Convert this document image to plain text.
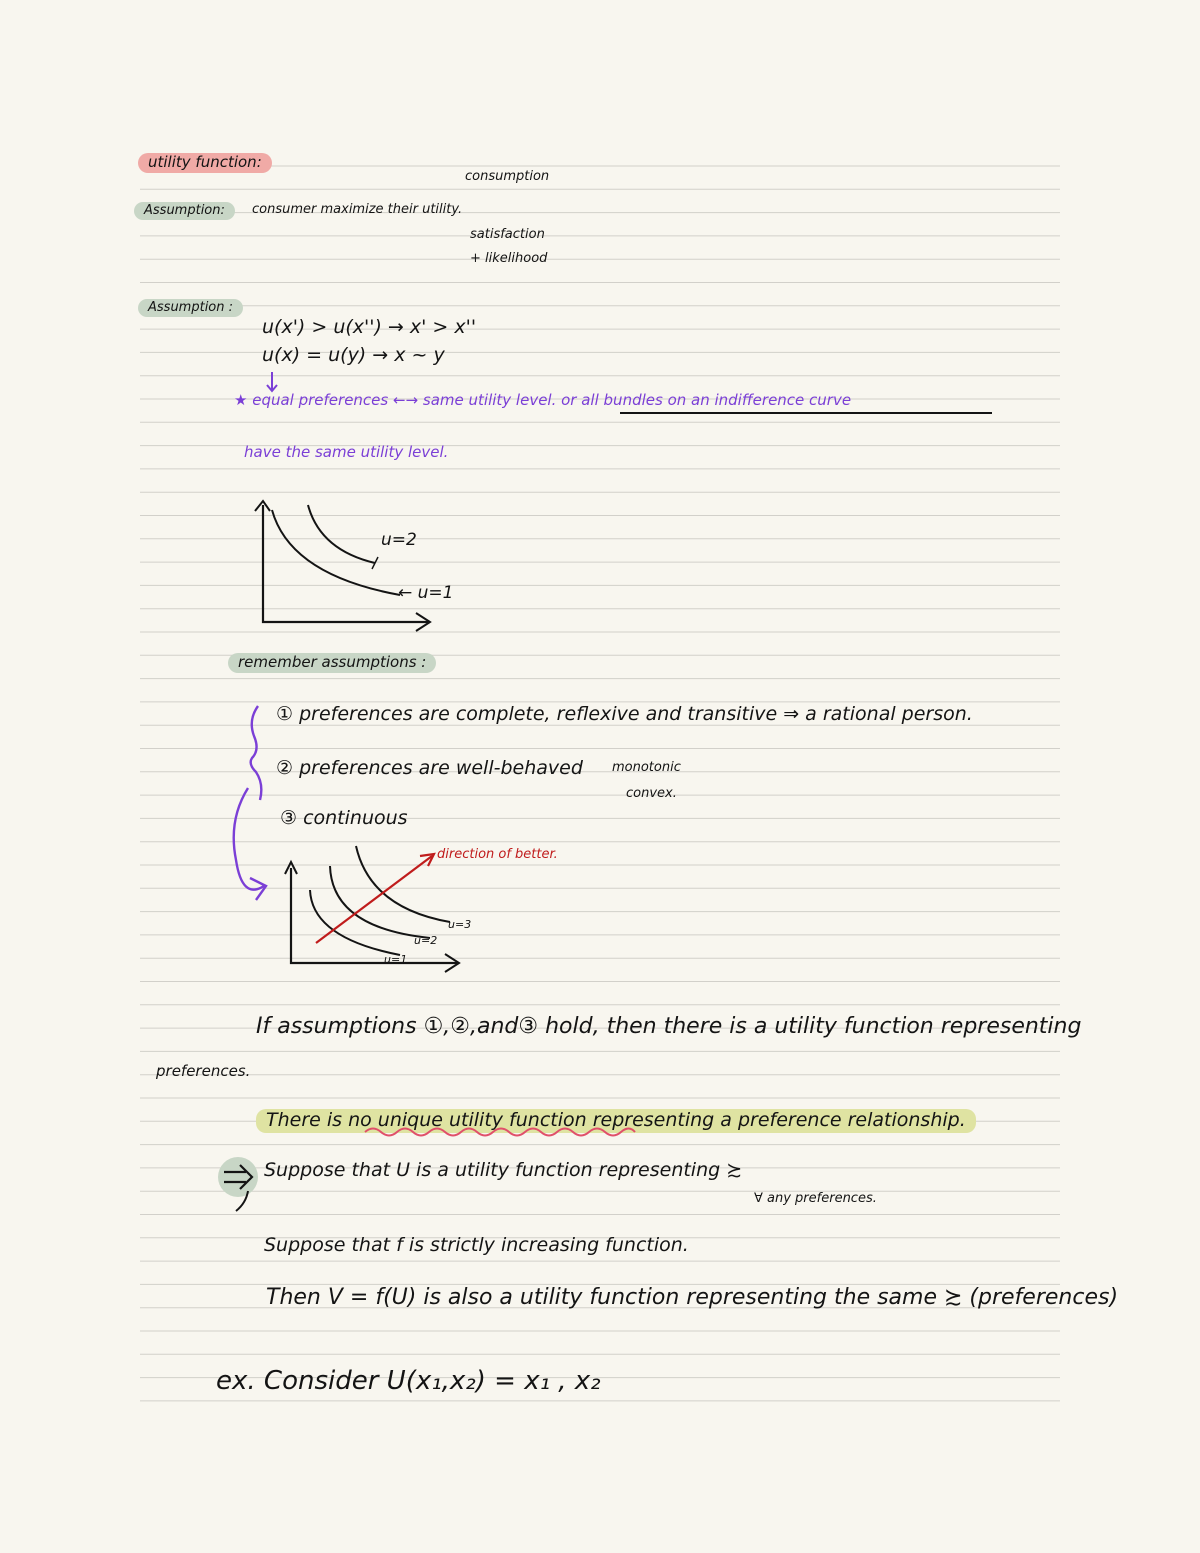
utility function:

consumption

Assumption:	consumer maximize their utility.

satisfaction

+ likelihood

Assumption :

u(x') > u(x'') → x' > x''

u(x) = u(y) → x ~ y

★ equal preferences ←→ same utility level. or all bundles on an indifference curve

have the same utility level.

u=2
← u=1

remember assumptions :

① preferences are complete, reflexive and transitive ⇒ a rational person.

② preferences are well-behaved monotonic

convex.

③ continuous

direction of better.
u=3
u=2
u=1

If assumptions ①,②,and③ hold, then there is a utility function representing

preferences.

There is no unique utility function representing a preference relationship.

Suppose that U is a utility function representing ≿

∀ any preferences.

Suppose that f is strictly increasing function.

Then V = f(U) is also a utility function representing the same ≿ (preferences)

ex. Consider U(x₁,x₂) = x₁ , x₂
